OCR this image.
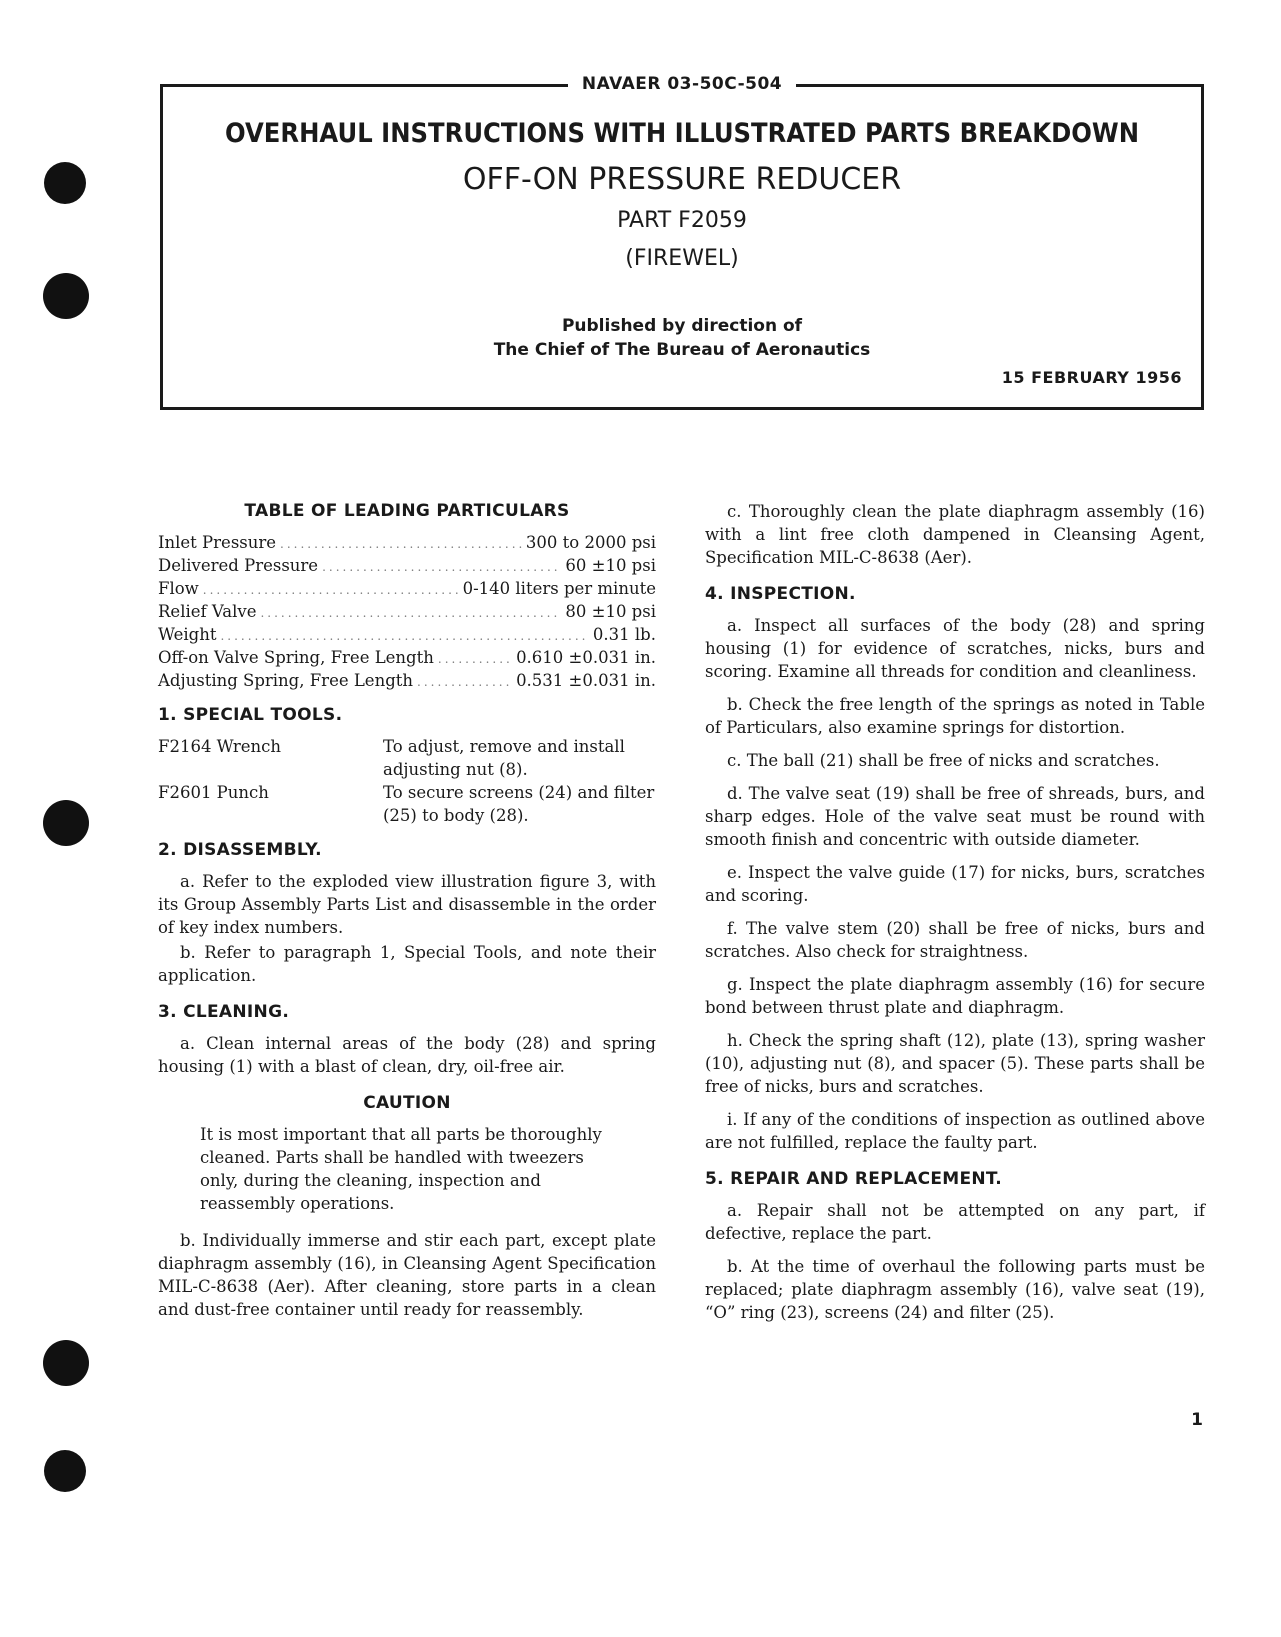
NAVAER 03-50C-504
OVERHAUL INSTRUCTIONS WITH ILLUSTRATED PARTS BREAKDOWN
OFF-ON PRESSURE REDUCER
PART F2059
(FIREWEL)
Published by direction of
The Chief of The Bureau of Aeronautics
15 FEBRUARY 1956
TABLE OF LEADING PARTICULARS
Inlet Pressure .....	300 to 2000 psi
Delivered Pressure .....	60 ±10 psi
Flow .....	0-140 liters per minute
Relief Valve .....	80 ±10 psi
Weight .....	0.31 lb.
Off-on Valve Spring, Free Length .....	0.610 ±0.031 in.
Adjusting Spring, Free Length .....	0.531 ±0.031 in.
1. SPECIAL TOOLS.
F2164 Wrench	To adjust, remove and install adjusting nut (8).
F2601 Punch	To secure screens (24) and filter (25) to body (28).
2. DISASSEMBLY.

a. Refer to the exploded view illustration figure 3, with its Group Assembly Parts List and disassemble in the order of key index numbers.

b. Refer to paragraph 1, Special Tools, and note their application.

3. CLEANING.

a. Clean internal areas of the body (28) and spring housing (1) with a blast of clean, dry, oil-free air.

CAUTION

It is most important that all parts be thoroughly cleaned. Parts shall be handled with tweezers only, during the cleaning, inspection and reassembly operations.

b. Individually immerse and stir each part, except plate diaphragm assembly (16), in Cleansing Agent Specification MIL-C-8638 (Aer). After cleaning, store parts in a clean and dust-free container until ready for reassembly.

c. Thoroughly clean the plate diaphragm assembly (16) with a lint free cloth dampened in Cleansing Agent, Specification MIL-C-8638 (Aer).

4. INSPECTION.

a. Inspect all surfaces of the body (28) and spring housing (1) for evidence of scratches, nicks, burs and scoring. Examine all threads for condition and cleanliness.

b. Check the free length of the springs as noted in Table of Particulars, also examine springs for distortion.

c. The ball (21) shall be free of nicks and scratches.

d. The valve seat (19) shall be free of shreads, burs, and sharp edges. Hole of the valve seat must be round with smooth finish and concentric with outside diameter.

e. Inspect the valve guide (17) for nicks, burs, scratches and scoring.

f. The valve stem (20) shall be free of nicks, burs and scratches. Also check for straightness.

g. Inspect the plate diaphragm assembly (16) for secure bond between thrust plate and diaphragm.

h. Check the spring shaft (12), plate (13), spring washer (10), adjusting nut (8), and spacer (5). These parts shall be free of nicks, burs and scratches.

i. If any of the conditions of inspection as outlined above are not fulfilled, replace the faulty part.

5. REPAIR AND REPLACEMENT.

a. Repair shall not be attempted on any part, if defective, replace the part.

b. At the time of overhaul the following parts must be replaced; plate diaphragm assembly (16), valve seat (19), “O” ring (23), screens (24) and filter (25).

1
